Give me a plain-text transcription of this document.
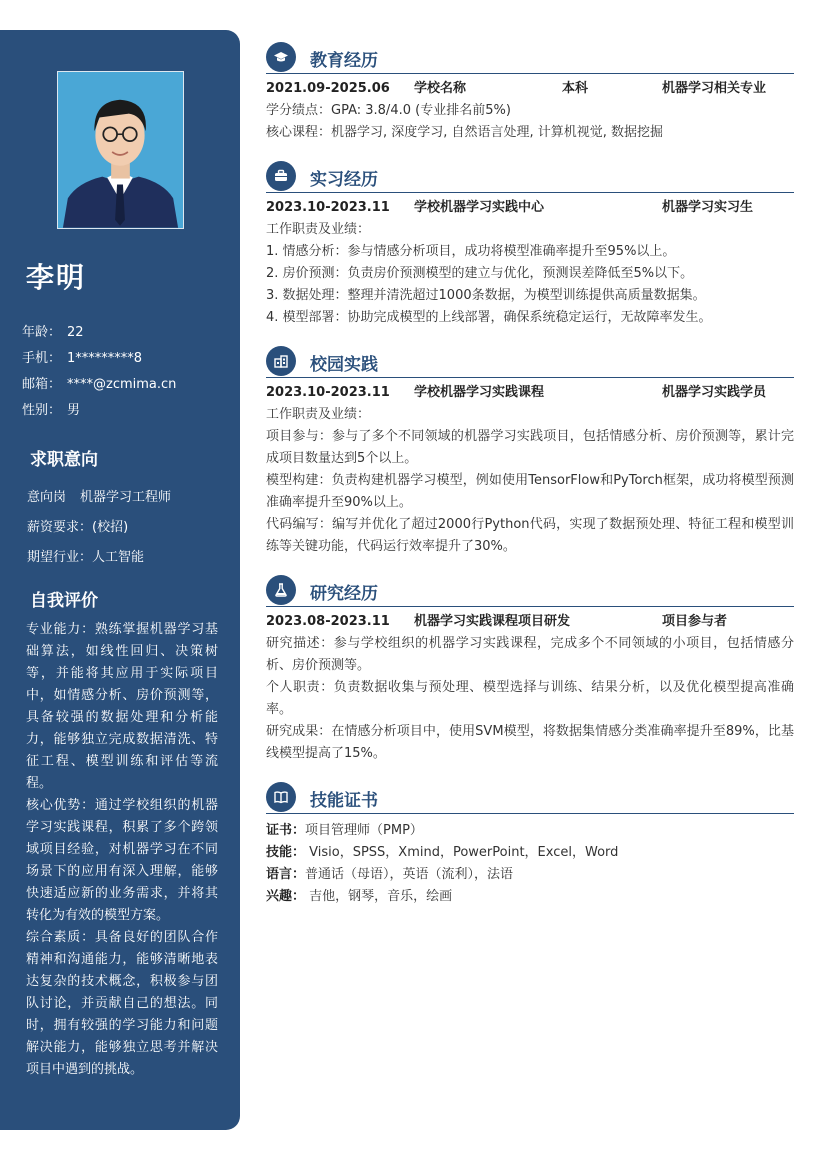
李明
年龄： 22
手机： 1*********8
邮箱： ****@zcmima.cn
性别： 男
求职意向
意向岗 机器学习工程师
薪资要求：(校招)
期望行业：人工智能
自我评价

专业能力：熟练掌握机器学习基础算法，如线性回归、决策树等，并能将其应用于实际项目中，如情感分析、房价预测等，具备较强的数据处理和分析能力，能够独立完成数据清洗、特征工程、模型训练和评估等流程。

核心优势：通过学校组织的机器学习实践课程，积累了多个跨领域项目经验，对机器学习在不同场景下的应用有深入理解，能够快速适应新的业务需求，并将其转化为有效的模型方案。

综合素质：具备良好的团队合作精神和沟通能力，能够清晰地表达复杂的技术概念，积极参与团队讨论，并贡献自己的想法。同时，拥有较强的学习能力和问题解决能力，能够独立思考并解决项目中遇到的挑战。

教育经历
2021.09-2025.06	学校名称	本科	机器学习相关专业
学分绩点：GPA: 3.8/4.0 (专业排名前5%)
核心课程：机器学习, 深度学习, 自然语言处理, 计算机视觉, 数据挖掘
实习经历
2023.10-2023.11	学校机器学习实践中心	机器学习实习生
工作职责及业绩：
1. 情感分析：参与情感分析项目，成功将模型准确率提升至95%以上。
2. 房价预测：负责房价预测模型的建立与优化，预测误差降低至5%以下。
3. 数据处理：整理并清洗超过1000条数据，为模型训练提供高质量数据集。
4. 模型部署：协助完成模型的上线部署，确保系统稳定运行，无故障率发生。
校园实践
2023.10-2023.11	学校机器学习实践课程	机器学习实践学员
工作职责及业绩：
项目参与：参与了多个不同领域的机器学习实践项目，包括情感分析、房价预测等，累计完成项目数量达到5个以上。
模型构建：负责构建机器学习模型，例如使用TensorFlow和PyTorch框架，成功将模型预测准确率提升至90%以上。
代码编写：编写并优化了超过2000行Python代码，实现了数据预处理、特征工程和模型训练等关键功能，代码运行效率提升了30%。
研究经历
2023.08-2023.11	机器学习实践课程项目研发	项目参与者
研究描述：参与学校组织的机器学习实践课程，完成多个不同领域的小项目，包括情感分析、房价预测等。
个人职责：负责数据收集与预处理、模型选择与训练、结果分析，以及优化模型提高准确率。
研究成果：在情感分析项目中，使用SVM模型，将数据集情感分类准确率提升至89%，比基线模型提高了15%。
技能证书
证书：项目管理师（PMP）
技能： Visio，SPSS，Xmind，PowerPoint，Excel，Word
语言：普通话（母语），英语（流利），法语
兴趣： 吉他，钢琴，音乐，绘画
